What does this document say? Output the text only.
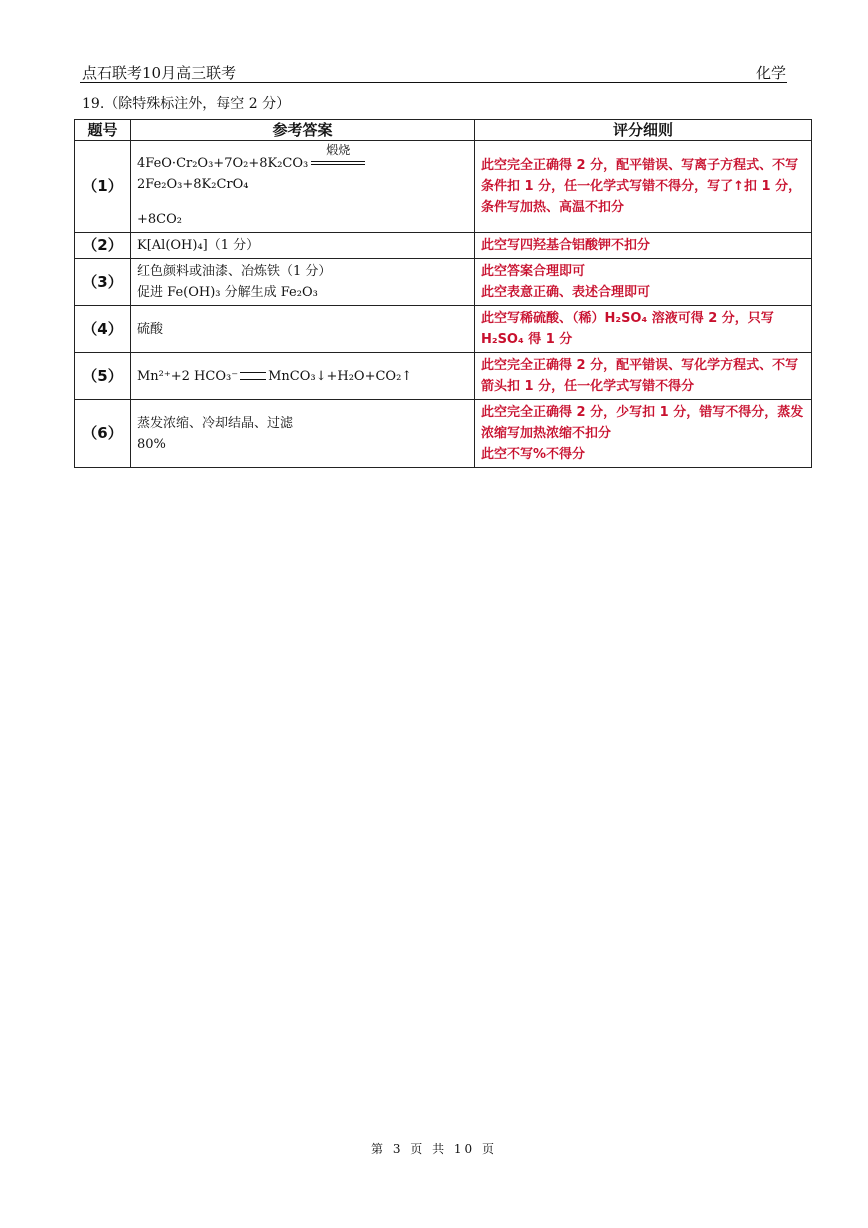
点石联考10月高三联考	化学
19.（除特殊标注外，每空 2 分）
题号	参考答案	评分细则
（1）	4FeO·Cr₂O₃+7O₂+8K₂CO₃
煅烧
2Fe₂O₃+8K₂CrO₄
+8CO₂	此空完全正确得 2 分，配平错误、写离子方程式、不写条件扣 1 分，任一化学式写错不得分，写了↑扣 1 分，条件写加热、高温不扣分
（2）	K[Al(OH)₄]（1 分）	此空写四羟基合铝酸钾不扣分
（3）	红色颜料或油漆、冶炼铁（1 分）
促进 Fe(OH)₃ 分解生成 Fe₂O₃	此空答案合理即可
此空表意正确、表述合理即可

（4）	硫酸	此空写稀硫酸、（稀）H₂SO₄ 溶液可得 2 分，只写 H₂SO₄ 得 1 分
（5）	Mn²⁺+2 HCO₃⁻ MnCO₃↓+H₂O+CO₂↑	此空完全正确得 2 分，配平错误、写化学方程式、不写箭头扣 1 分，任一化学式写错不得分
（6）	蒸发浓缩、冷却结晶、过滤
80%	此空完全正确得 2 分，少写扣 1 分，错写不得分，蒸发浓缩写加热浓缩不扣分
此空不写%不得分
第 3 页 共 10 页
